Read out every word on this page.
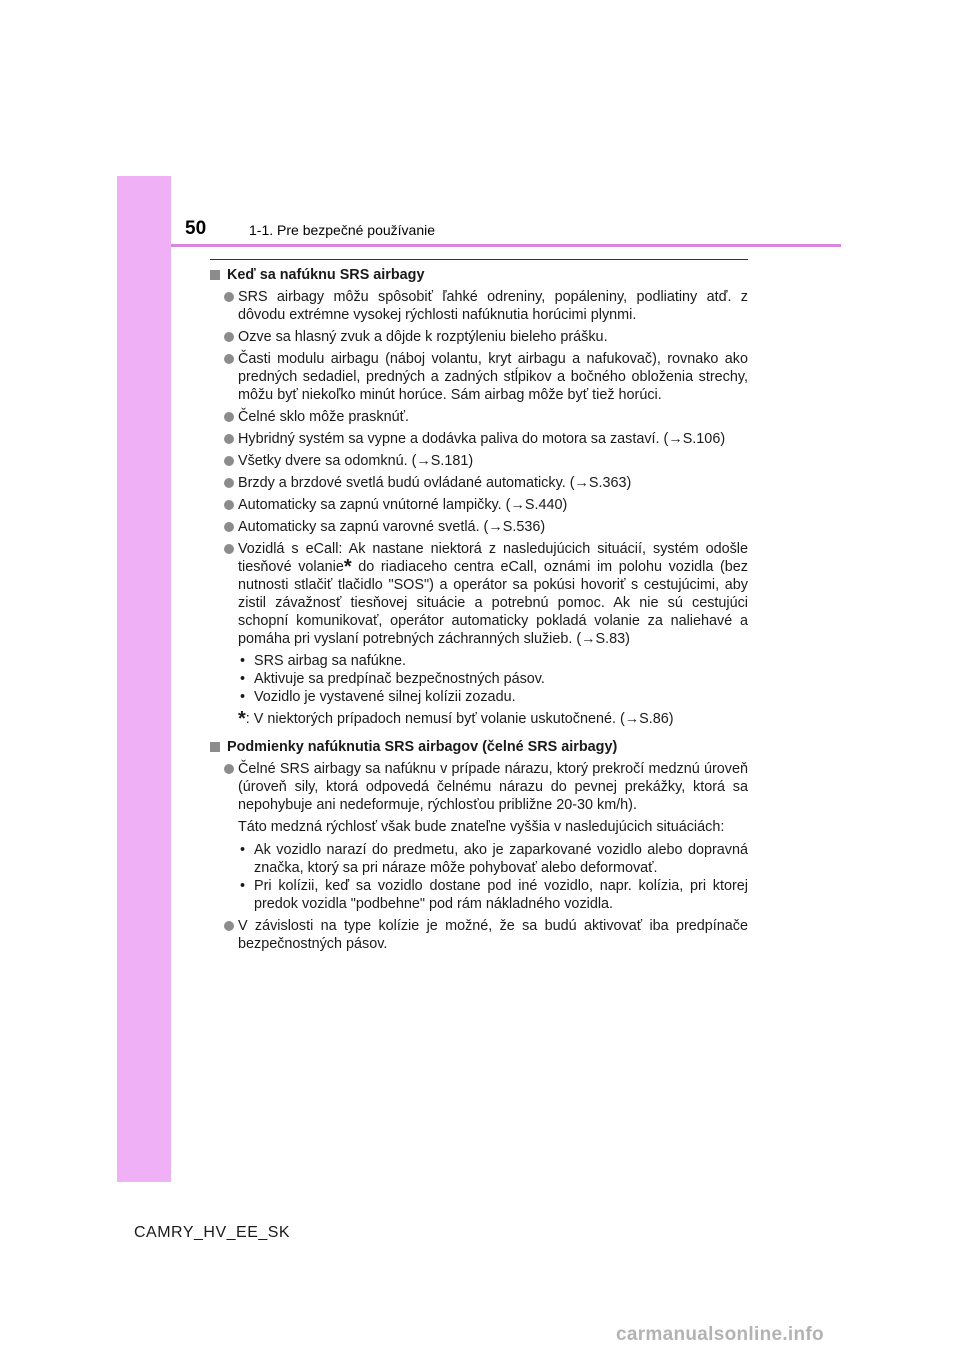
50	1-1. Pre bezpečné používanie

Keď sa nafúknu SRS airbagy

SRS airbagy môžu spôsobiť ľahké odreniny, popáleniny, podliatiny atď. z dôvodu extrémne vysokej rýchlosti nafúknutia horúcimi plynmi.

Ozve sa hlasný zvuk a dôjde k rozptýleniu bieleho prášku.

Časti modulu airbagu (náboj volantu, kryt airbagu a nafukovač), rovnako ako predných sedadiel, predných a zadných stĺpikov a bočného obloženia strechy, môžu byť niekoľko minút horúce. Sám airbag môže byť tiež horúci.

Čelné sklo môže prasknúť.

Hybridný systém sa vypne a dodávka paliva do motora sa zastaví. (→S.106)

Všetky dvere sa odomknú. (→S.181)

Brzdy a brzdové svetlá budú ovládané automaticky. (→S.363)

Automaticky sa zapnú vnútorné lampičky. (→S.440)

Automaticky sa zapnú varovné svetlá. (→S.536)

Vozidlá s eCall: Ak nastane niektorá z nasledujúcich situácií, systém odošle tiesňové volanie* do riadiaceho centra eCall, oznámi im polohu vozidla (bez nutnosti stlačiť tlačidlo "SOS") a operátor sa pokúsi hovoriť s cestujúcimi, aby zistil závažnosť tiesňovej situácie a potrebnú pomoc. Ak nie sú cestujúci schopní komunikovať, operátor automaticky pokladá volanie za naliehavé a pomáha pri vyslaní potrebných záchranných služieb. (→S.83)

• SRS airbag sa nafúkne.

• Aktivuje sa predpínač bezpečnostných pásov.

• Vozidlo je vystavené silnej kolízii zozadu.

*: V niektorých prípadoch nemusí byť volanie uskutočnené. (→S.86)

Podmienky nafúknutia SRS airbagov (čelné SRS airbagy)

Čelné SRS airbagy sa nafúknu v prípade nárazu, ktorý prekročí medznú úroveň (úroveň sily, ktorá odpovedá čelnému nárazu do pevnej prekážky, ktorá sa nepohybuje ani nedeformuje, rýchlosťou približne 20-30 km/h).

Táto medzná rýchlosť však bude znateľne vyššia v nasledujúcich situáciách:

• Ak vozidlo narazí do predmetu, ako je zaparkované vozidlo alebo dopravná značka, ktorý sa pri náraze môže pohybovať alebo deformovať.

• Pri kolízii, keď sa vozidlo dostane pod iné vozidlo, napr. kolízia, pri ktorej predok vozidla "podbehne" pod rám nákladného vozidla.

V závislosti na type kolízie je možné, že sa budú aktivovať iba predpínače bezpečnostných pásov.

CAMRY_HV_EE_SK
carmanualsonline.info
